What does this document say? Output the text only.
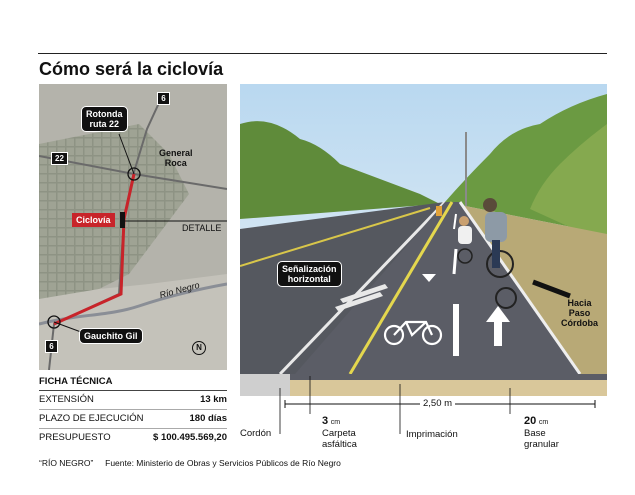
Cómo será la ciclovía
Rotonda
ruta 22
General
Roca
Ciclovía
Río Negro
Gauchito Gil
N
6
22
6
DETALLE
Señalización
horizontal
Hacia
Paso
Córdoba
2,50 m
Cordón
3 cm
Carpeta
asfáltica
Imprimación
20 cm
Base
granular
FICHA TÉCNICA
EXTENSIÓN	13 km
PLAZO DE EJECUCIÓN	180 días
PRESUPUESTO	$ 100.495.569,20
“RÍO NEGRO” Fuente: Ministerio de Obras y Servicios Públicos de Río Negro
